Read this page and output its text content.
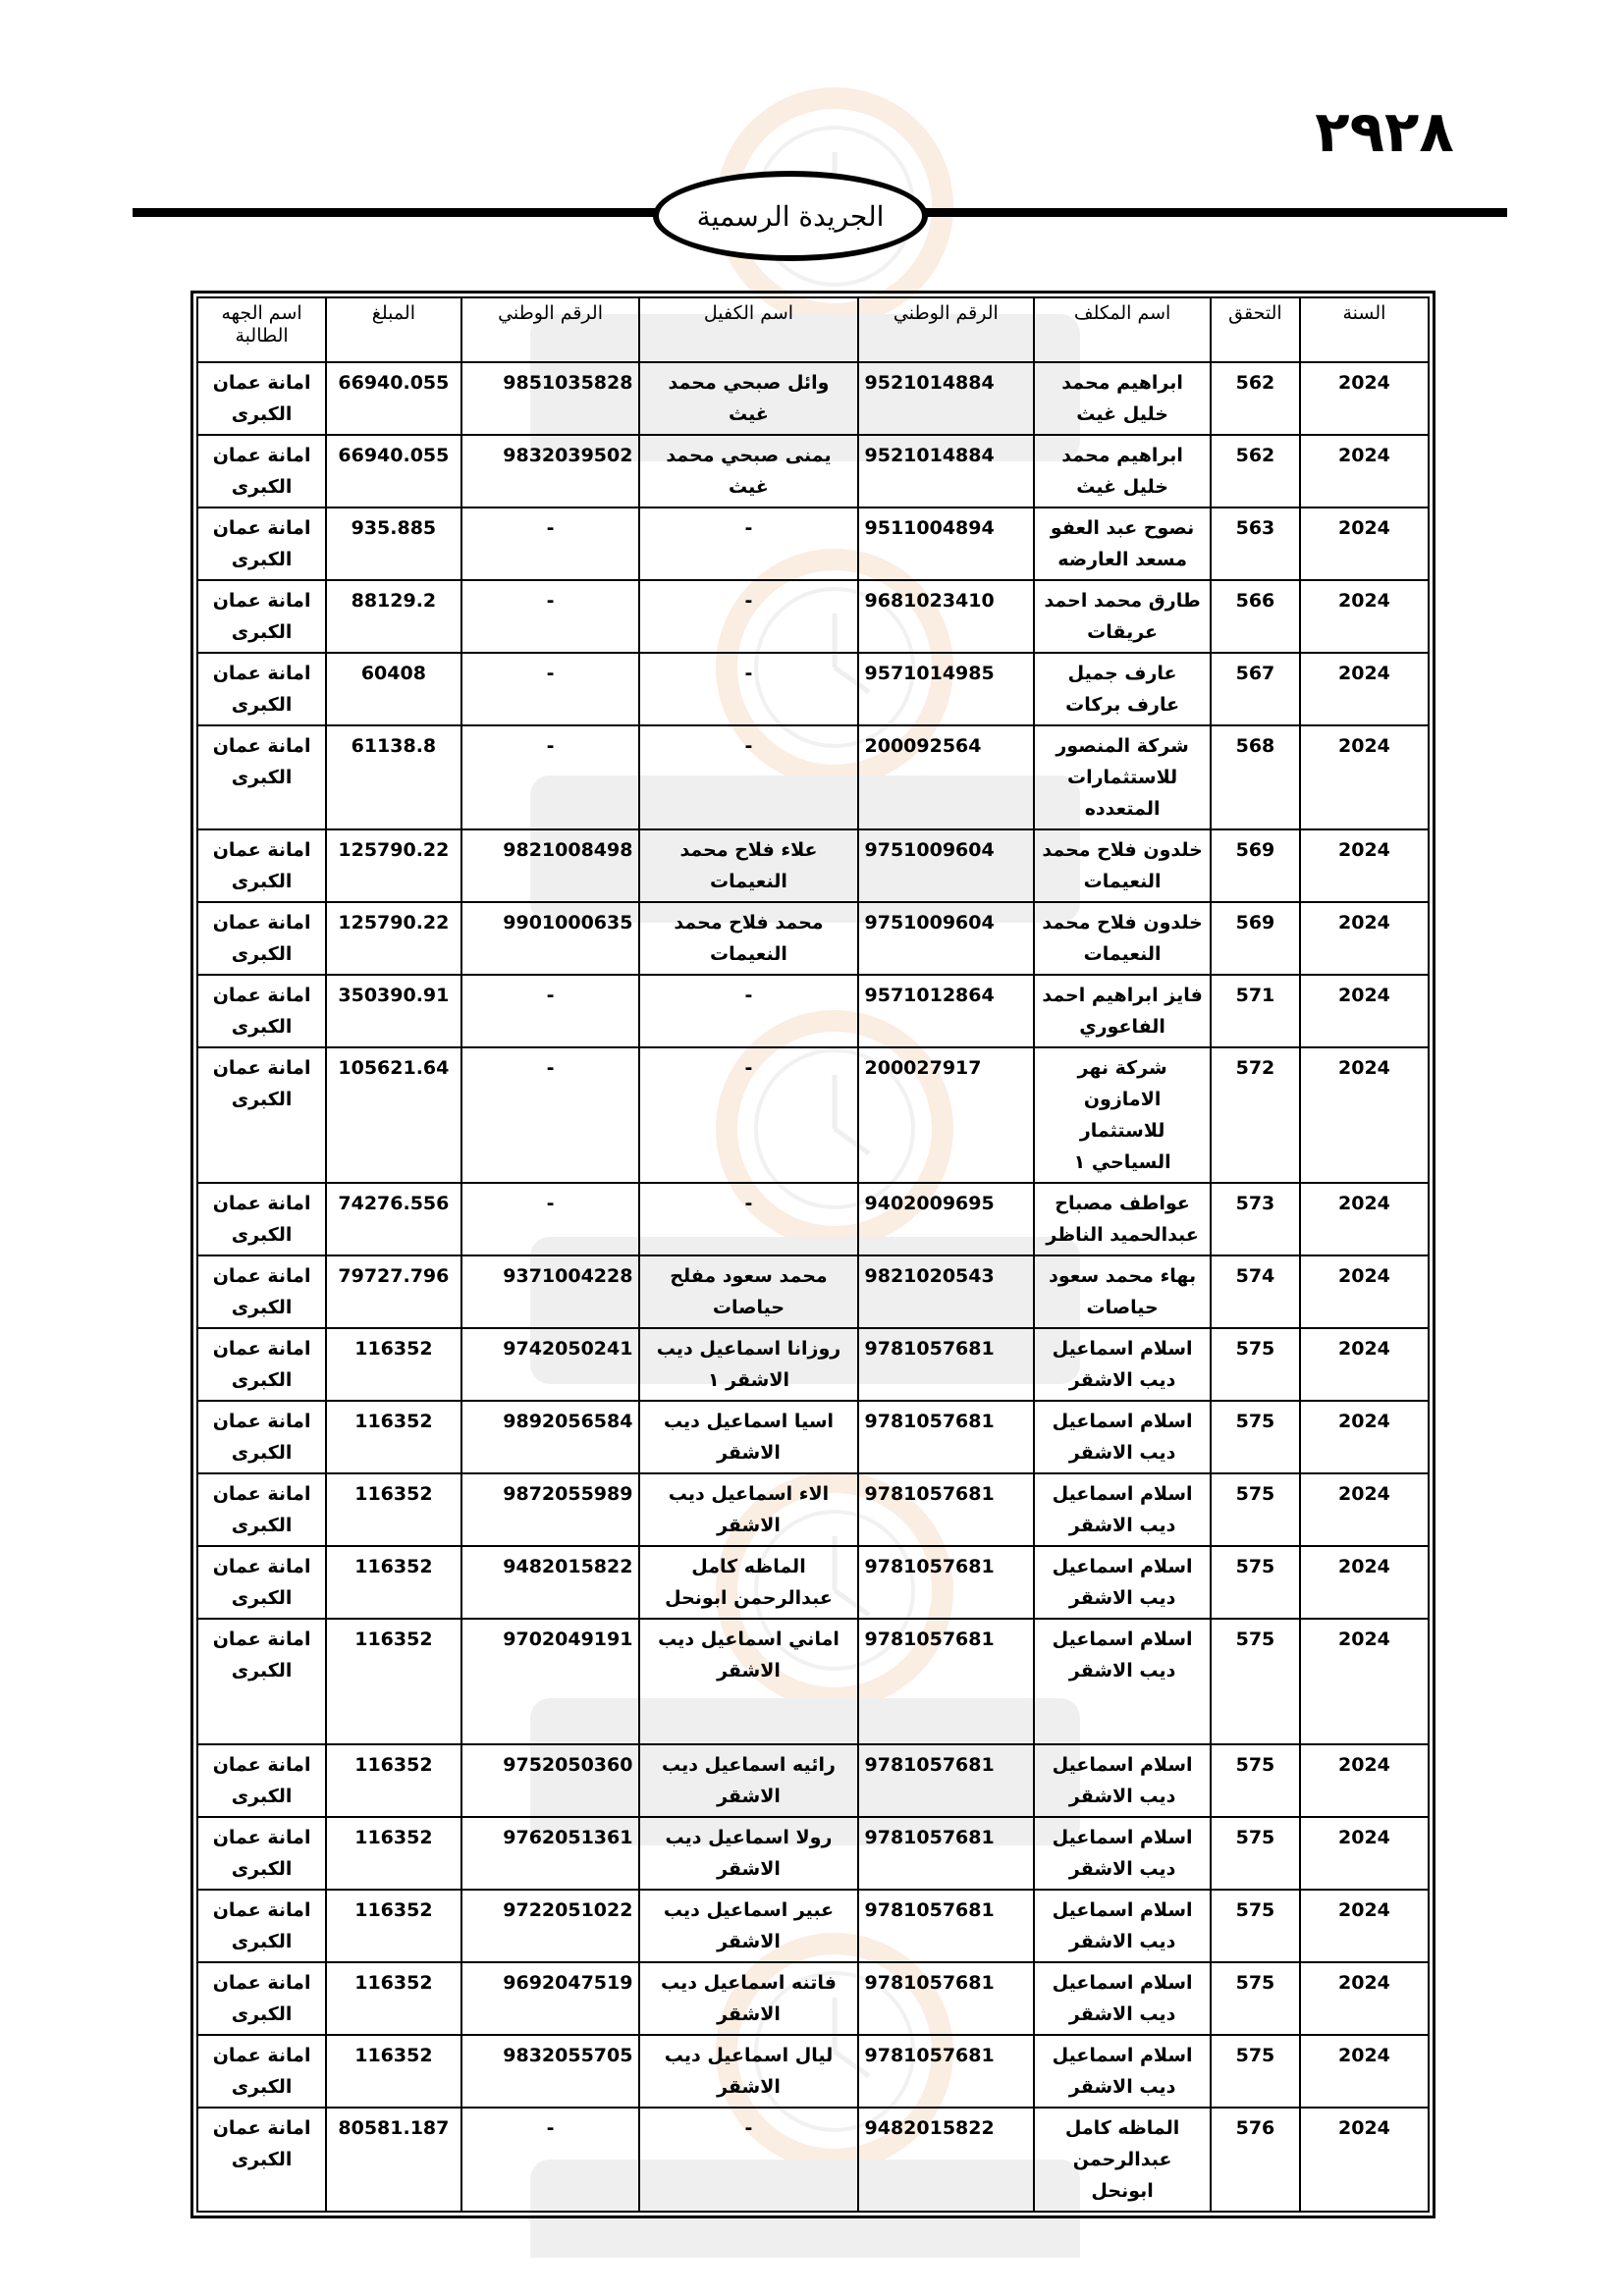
٢٩٢٨
الجريدة الرسمية
السنة	التحقق	اسم المكلف	الرقم الوطني	اسم الكفيل	الرقم الوطني	المبلغ	اسم الجهه الطالبة
2024	562	ابراهيم محمد خليل غيث	9521014884	وائل صبحي محمد غيث	9851035828	66940.055	امانة عمان الكبرى
2024	562	ابراهيم محمد خليل غيث	9521014884	يمنى صبحي محمد غيث	9832039502	66940.055	امانة عمان الكبرى
2024	563	نصوح عبد العفو مسعد العارضه	9511004894	-	-	935.885	امانة عمان الكبرى
2024	566	طارق محمد احمد عريقات	9681023410	-	-	88129.2	امانة عمان الكبرى
2024	567	عارف جميل عارف بركات	9571014985	-	-	60408	امانة عمان الكبرى
2024	568	شركة المنصور للاستثمارات المتعدده	200092564	-	-	61138.8	امانة عمان الكبرى
2024	569	خلدون فلاح محمد النعيمات	9751009604	علاء فلاح محمد النعيمات	9821008498	125790.22	امانة عمان الكبرى
2024	569	خلدون فلاح محمد النعيمات	9751009604	محمد فلاح محمد النعيمات	9901000635	125790.22	امانة عمان الكبرى
2024	571	فايز ابراهيم احمد الفاعوري	9571012864	-	-	350390.91	امانة عمان الكبرى
2024	572	شركة نهر الامازون للاستثمار السياحي ١	200027917	-	-	105621.64	امانة عمان الكبرى
2024	573	عواطف مصباح عبدالحميد الناظر	9402009695	-	-	74276.556	امانة عمان الكبرى
2024	574	بهاء محمد سعود حياصات	9821020543	محمد سعود مفلح حياصات	9371004228	79727.796	امانة عمان الكبرى
2024	575	اسلام اسماعيل ديب الاشقر	9781057681	روزانا اسماعيل ديب الاشقر ١	9742050241	116352	امانة عمان الكبرى
2024	575	اسلام اسماعيل ديب الاشقر	9781057681	اسيا اسماعيل ديب الاشقر	9892056584	116352	امانة عمان الكبرى
2024	575	اسلام اسماعيل ديب الاشقر	9781057681	الاء اسماعيل ديب الاشقر	9872055989	116352	امانة عمان الكبرى
2024	575	اسلام اسماعيل ديب الاشقر	9781057681	الماظه كامل عبدالرحمن ابونحل	9482015822	116352	امانة عمان الكبرى
2024	575	اسلام اسماعيل ديب الاشقر	9781057681	اماني اسماعيل ديب الاشقر	9702049191	116352	امانة عمان الكبرى
2024	575	اسلام اسماعيل ديب الاشقر	9781057681	رائيه اسماعيل ديب الاشقر	9752050360	116352	امانة عمان الكبرى
2024	575	اسلام اسماعيل ديب الاشقر	9781057681	رولا اسماعيل ديب الاشقر	9762051361	116352	امانة عمان الكبرى
2024	575	اسلام اسماعيل ديب الاشقر	9781057681	عبير اسماعيل ديب الاشقر	9722051022	116352	امانة عمان الكبرى
2024	575	اسلام اسماعيل ديب الاشقر	9781057681	فاتنه اسماعيل ديب الاشقر	9692047519	116352	امانة عمان الكبرى
2024	575	اسلام اسماعيل ديب الاشقر	9781057681	ليال اسماعيل ديب الاشقر	9832055705	116352	امانة عمان الكبرى
2024	576	الماظه كامل عبدالرحمن ابونحل	9482015822	-	-	80581.187	امانة عمان الكبرى
